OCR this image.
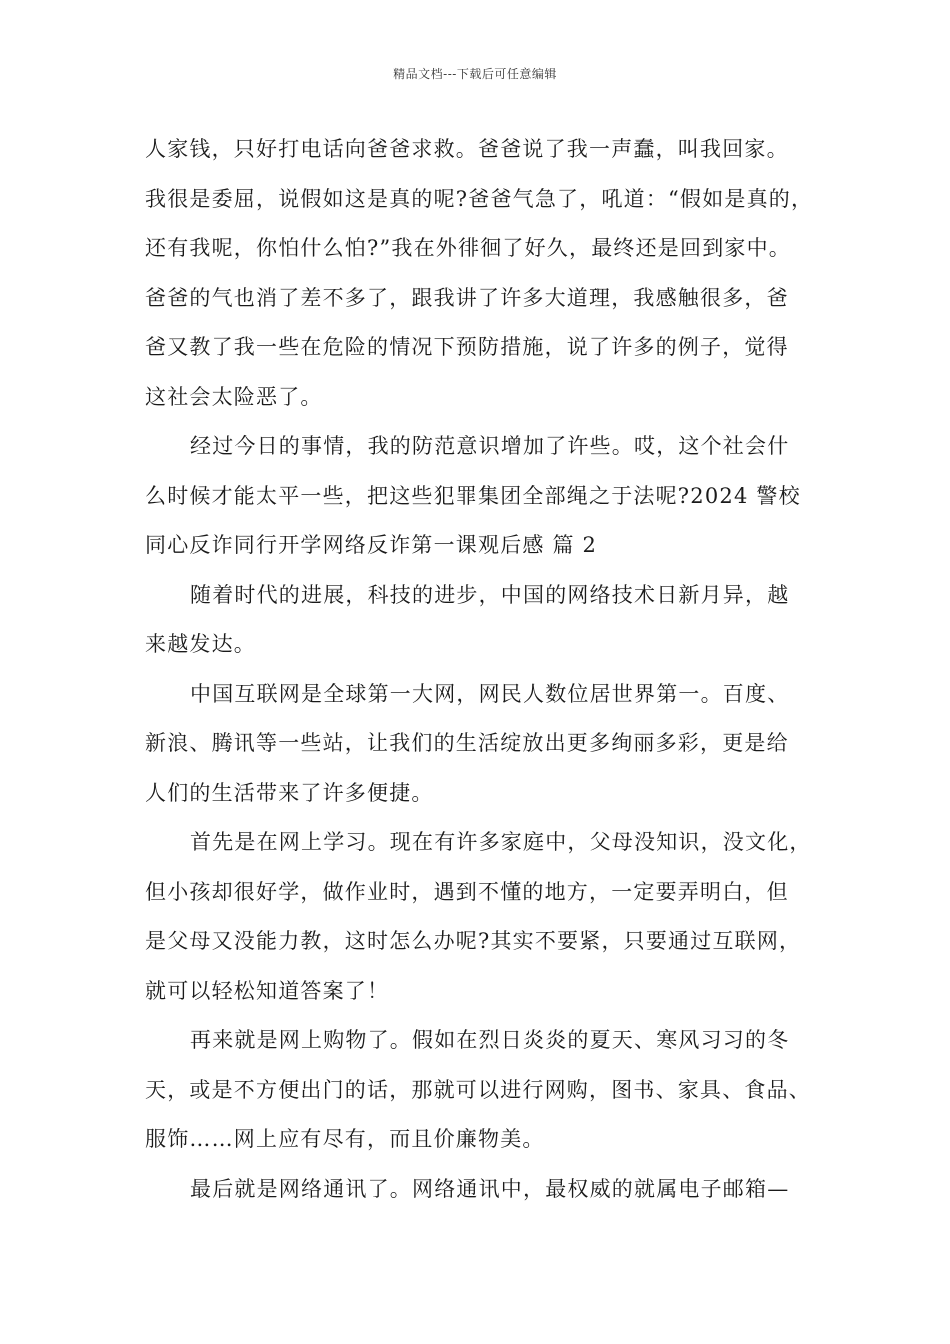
精品文档---下载后可任意编辑
人家钱，只好打电话向爸爸求救。爸爸说了我一声蠢，叫我回家。
我很是委屈，说假如这是真的呢?爸爸气急了，吼道：“假如是真的，
还有我呢，你怕什么怕?”我在外徘徊了好久，最终还是回到家中。
爸爸的气也消了差不多了，跟我讲了许多大道理，我感触很多，爸
爸又教了我一些在危险的情况下预防措施，说了许多的例子，觉得
这社会太险恶了。
经过今日的事情，我的防范意识增加了许些。哎，这个社会什
么时候才能太平一些，把这些犯罪集团全部绳之于法呢?2024 警校
同心反诈同行开学网络反诈第一课观后感 篇 2
随着时代的进展，科技的进步，中国的网络技术日新月异，越
来越发达。
中国互联网是全球第一大网，网民人数位居世界第一。百度、
新浪、腾讯等一些站，让我们的生活绽放出更多绚丽多彩，更是给
人们的生活带来了许多便捷。
首先是在网上学习。现在有许多家庭中，父母没知识，没文化，
但小孩却很好学，做作业时，遇到不懂的地方，一定要弄明白，但
是父母又没能力教，这时怎么办呢?其实不要紧，只要通过互联网，
就可以轻松知道答案了！
再来就是网上购物了。假如在烈日炎炎的夏天、寒风习习的冬
天，或是不方便出门的话，那就可以进行网购，图书、家具、食品、
服饰……网上应有尽有，而且价廉物美。
最后就是网络通讯了。网络通讯中，最权威的就属电子邮箱—
